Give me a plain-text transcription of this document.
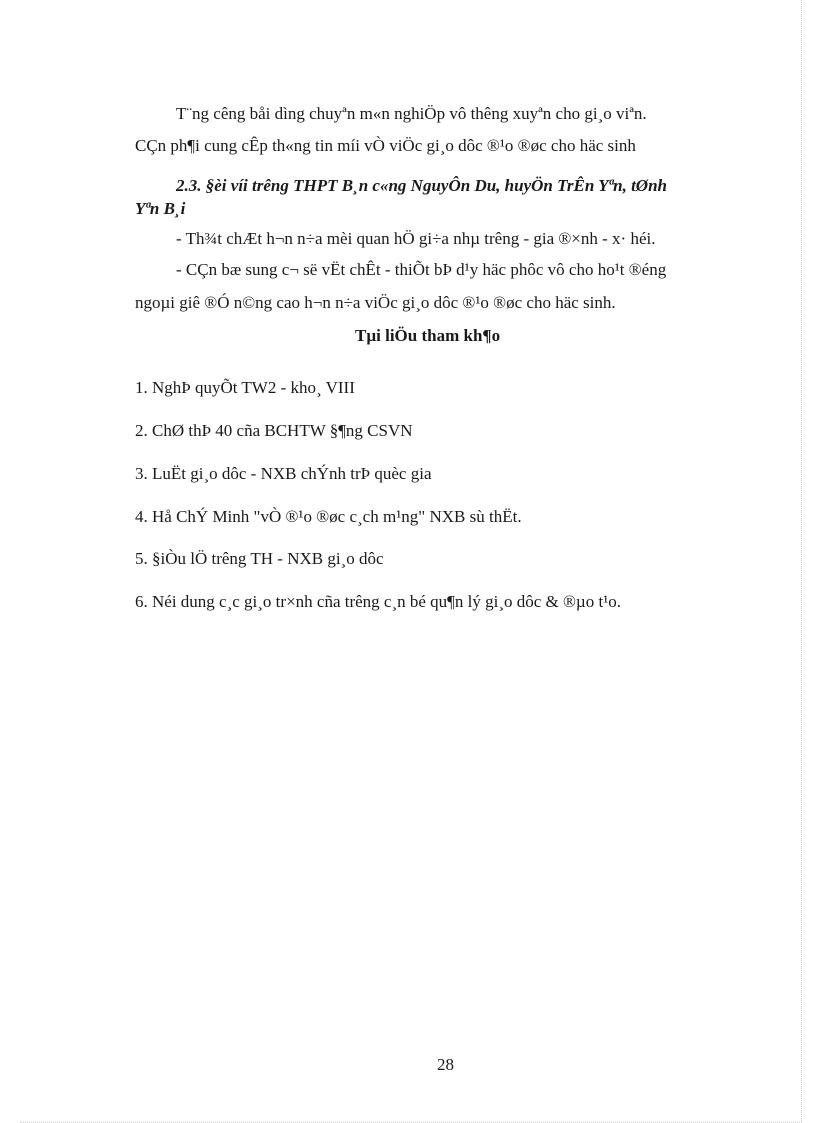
T¨ng cêng båi dìng chuyªn m«n nghiÖp vô thêng xuyªn cho gi¸o viªn.
CÇn ph¶i cung cÊp th«ng tin míi vÒ viÖc gi¸o dôc ®¹o ®øc cho häc sinh
2.3. §èi víi trêng THPT B¸n c«ng NguyÔn Du, huyÖn TrÊn Yªn, tØnh
Yªn B¸i
- Th¾t chÆt h¬n n÷a mèi quan hÖ gi÷a nhµ trêng - gia ®×nh - x· héi.
- CÇn bæ sung c¬ së vËt chÊt - thiÕt bÞ d¹y häc phôc vô cho ho¹t ®éng
ngoµi giê ®Ó n©ng cao h¬n n÷a viÖc gi¸o dôc ®¹o ®øc cho häc sinh.
Tµi liÖu tham kh¶o
1. NghÞ quyÕt TW2 - kho¸ VIII
2. ChØ thÞ 40 cña BCHTW §¶ng CSVN
3. LuËt gi¸o dôc - NXB chÝnh trÞ quèc gia
4. Hå ChÝ Minh "vÒ ®¹o ®øc c¸ch m¹ng" NXB sù thËt.
5. §iÒu lÖ trêng TH - NXB gi¸o dôc
6. Néi dung c¸c gi¸o tr×nh cña trêng c¸n bé qu¶n lý gi¸o dôc & ®µo t¹o.
28
